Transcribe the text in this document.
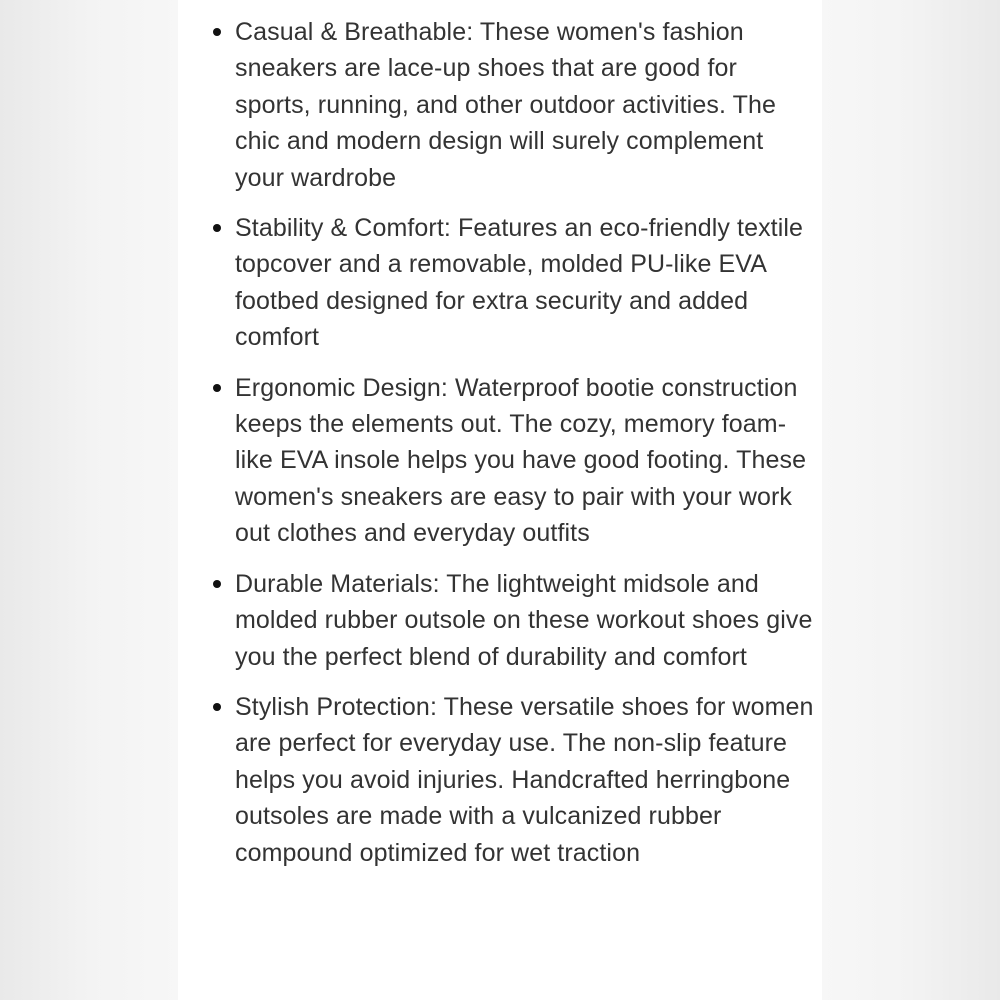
Casual & Breathable: These women's fashion sneakers are lace-up shoes that are good for sports, running, and other outdoor activities. The chic and modern design will surely complement your wardrobe
Stability & Comfort: Features an eco-friendly textile topcover and a removable, molded PU-like EVA footbed designed for extra security and added comfort
Ergonomic Design: Waterproof bootie construction keeps the elements out. The cozy, memory foam-like EVA insole helps you have good footing. These women's sneakers are easy to pair with your work out clothes and everyday outfits
Durable Materials: The lightweight midsole and molded rubber outsole on these workout shoes give you the perfect blend of durability and comfort
Stylish Protection: These versatile shoes for women are perfect for everyday use. The non-slip feature helps you avoid injuries. Handcrafted herringbone outsoles are made with a vulcanized rubber compound optimized for wet traction
